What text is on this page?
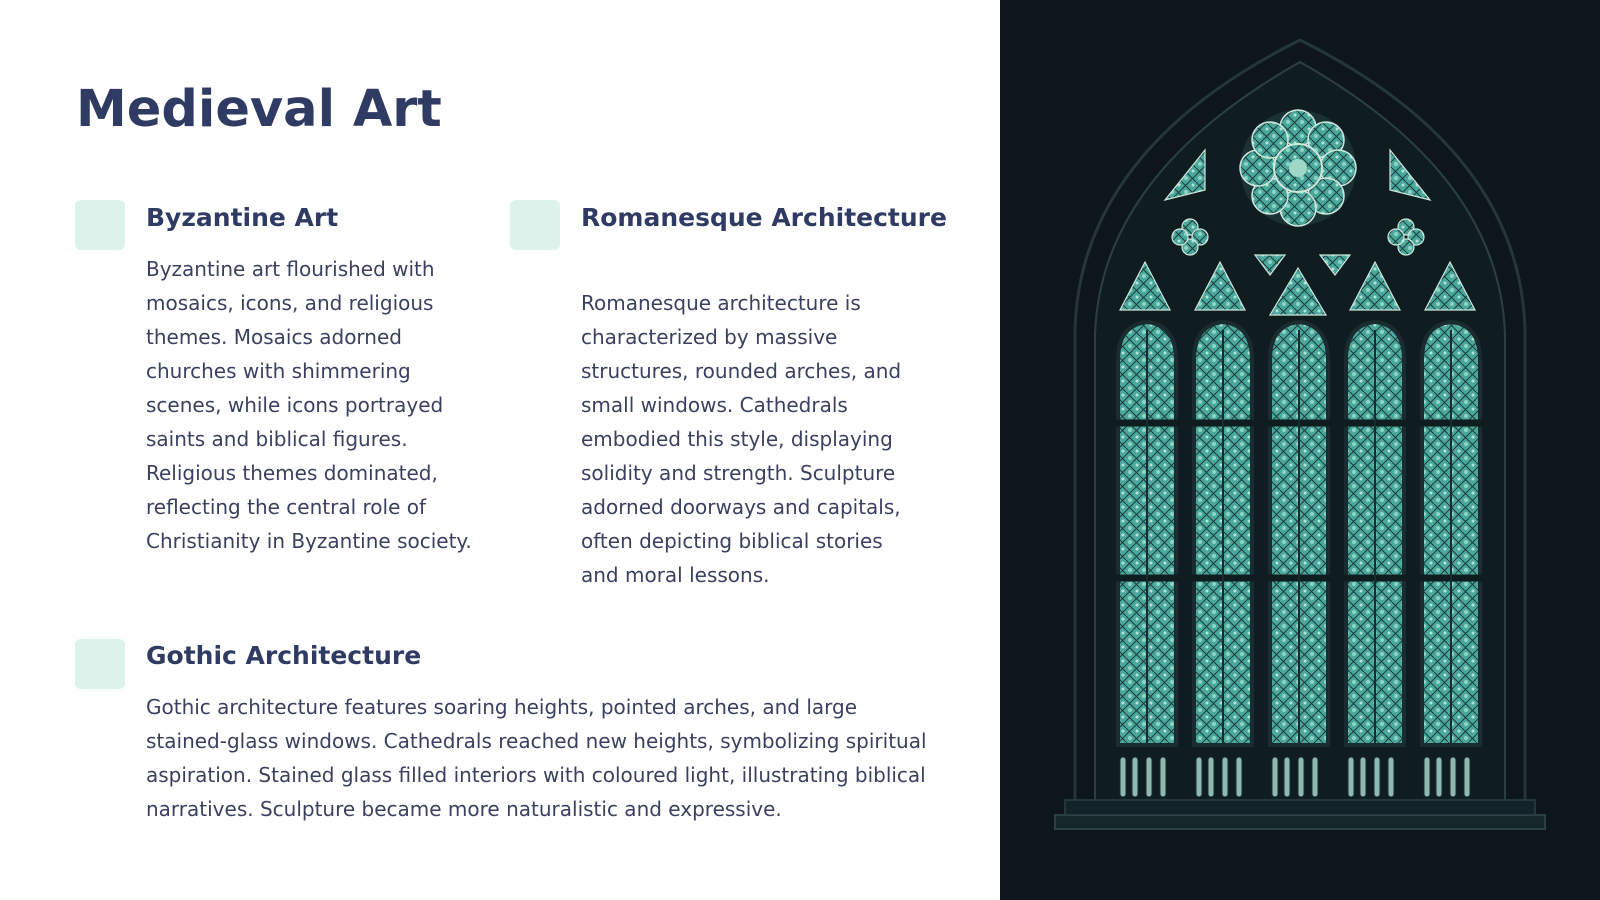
Medieval Art
Byzantine Art

Byzantine art flourished with mosaics, icons, and religious themes. Mosaics adorned churches with shimmering scenes, while icons portrayed saints and biblical figures. Religious themes dominated, reflecting the central role of Christianity in Byzantine society.

Romanesque Architecture

Romanesque architecture is characterized by massive structures, rounded arches, and small windows. Cathedrals embodied this style, displaying solidity and strength. Sculpture adorned doorways and capitals, often depicting biblical stories and moral lessons.

Gothic Architecture

Gothic architecture features soaring heights, pointed arches, and large stained-glass windows. Cathedrals reached new heights, symbolizing spiritual aspiration. Stained glass filled interiors with coloured light, illustrating biblical narratives. Sculpture became more naturalistic and expressive.
